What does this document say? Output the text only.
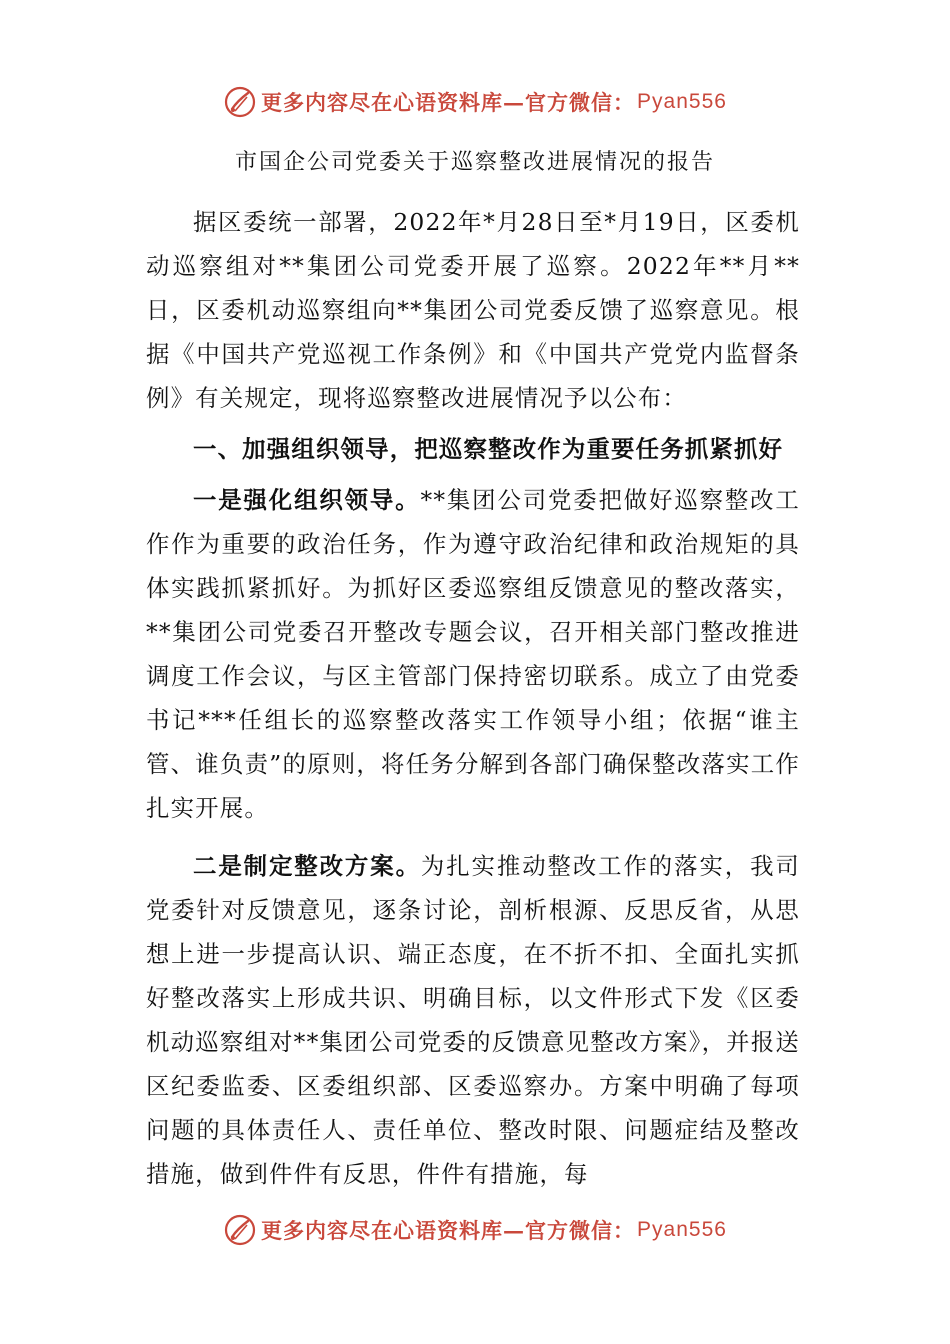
更多内容尽在心语资料库—官方微信： Pyan556
市国企公司党委关于巡察整改进展情况的报告

据区委统一部署，2022年*月28日至*月19日，区委机动巡察组对**集团公司党委开展了巡察。2022年**月**日，区委机动巡察组向**集团公司党委反馈了巡察意见。根据《中国共产党巡视工作条例》和《中国共产党党内监督条例》有关规定，现将巡察整改进展情况予以公布：

一、加强组织领导，把巡察整改作为重要任务抓紧抓好

一是强化组织领导。**集团公司党委把做好巡察整改工作作为重要的政治任务，作为遵守政治纪律和政治规矩的具体实践抓紧抓好。为抓好区委巡察组反馈意见的整改落实，**集团公司党委召开整改专题会议，召开相关部门整改推进调度工作会议，与区主管部门保持密切联系。成立了由党委书记***任组长的巡察整改落实工作领导小组；依据“谁主管、谁负责”的原则，将任务分解到各部门确保整改落实工作扎实开展。

二是制定整改方案。为扎实推动整改工作的落实，我司党委针对反馈意见，逐条讨论，剖析根源、反思反省，从思想上进一步提高认识、端正态度，在不折不扣、全面扎实抓好整改落实上形成共识、明确目标，以文件形式下发《区委机动巡察组对**集团公司党委的反馈意见整改方案》，并报送区纪委监委、区委组织部、区委巡察办。方案中明确了每项问题的具体责任人、责任单位、整改时限、问题症结及整改措施，做到件件有反思，件件有措施，每

更多内容尽在心语资料库—官方微信： Pyan556
